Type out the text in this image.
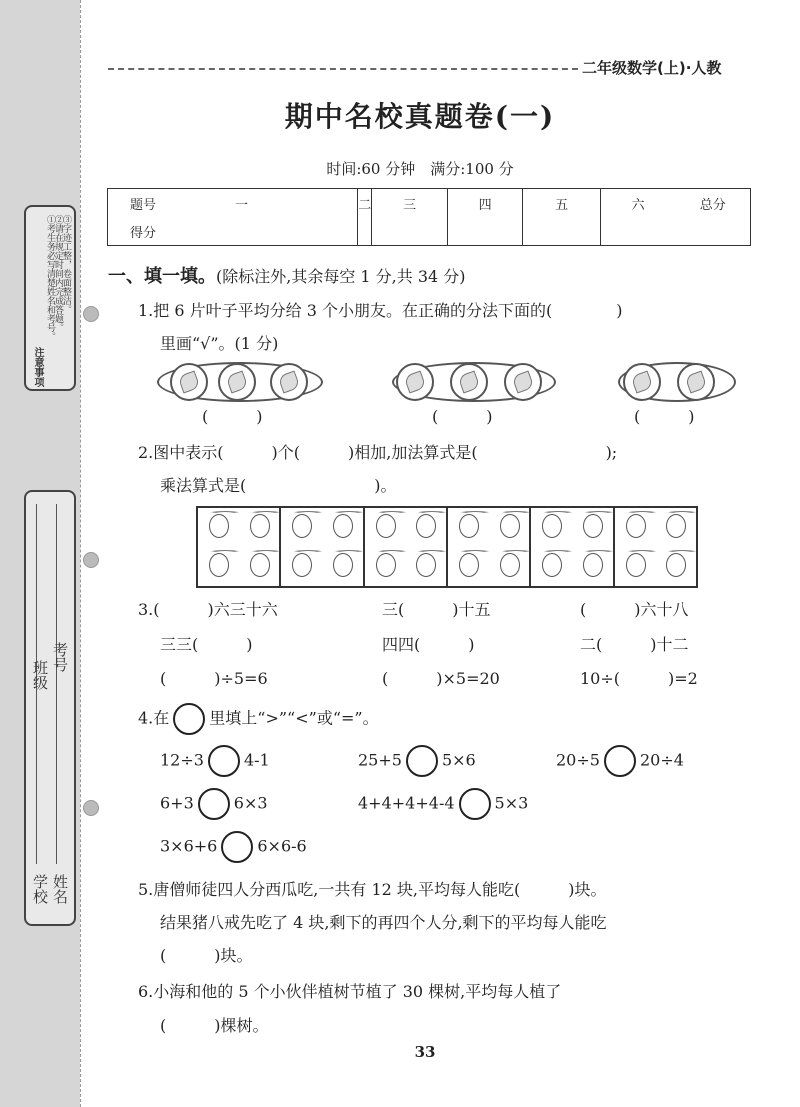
注意事项
①考生务必写清楚姓名和考号。
②请在规定时间内完成答题。
③字迹工整，卷面整洁。
学校 姓名
班级
考号
二年级数学(上)·人教
期中名校真题卷(一)
时间:60 分钟　满分:100 分
题号	一	二	三	四	五	六	总分
得分							
一、填一填。(除标注外,其余每空 1 分,共 34 分)
1.把 6 片叶子平均分给 3 个小朋友。在正确的分法下面的(　　　　)
里画“√”。(1 分)
(　　　)	(　　　)	(　　　)
2.图中表示(　　　)个(　　　)相加,加法算式是(　　　　　　　　);
乘法算式是(　　　　　　　　)。
3.(　　　)六三十六	三(　　　)十五	(　　　)六十八
三三(　　　)	四四(　　　)	二(　　　)十二
(　　　)÷5=6	(　　　)×5=20	10÷(　　　)=2
4.在	里填上“>”“<”或“=”。
12÷3	4-1	25+5	5×6	20÷5	20÷4
6+3	6×3	4+4+4+4-4	5×3
3×6+6	6×6-6
5.唐僧师徒四人分西瓜吃,一共有 12 块,平均每人能吃(　　　)块。
结果猪八戒先吃了 4 块,剩下的再四个人分,剩下的平均每人能吃
(　　　)块。
6.小海和他的 5 个小伙伴植树节植了 30 棵树,平均每人植了
(　　　)棵树。
33
